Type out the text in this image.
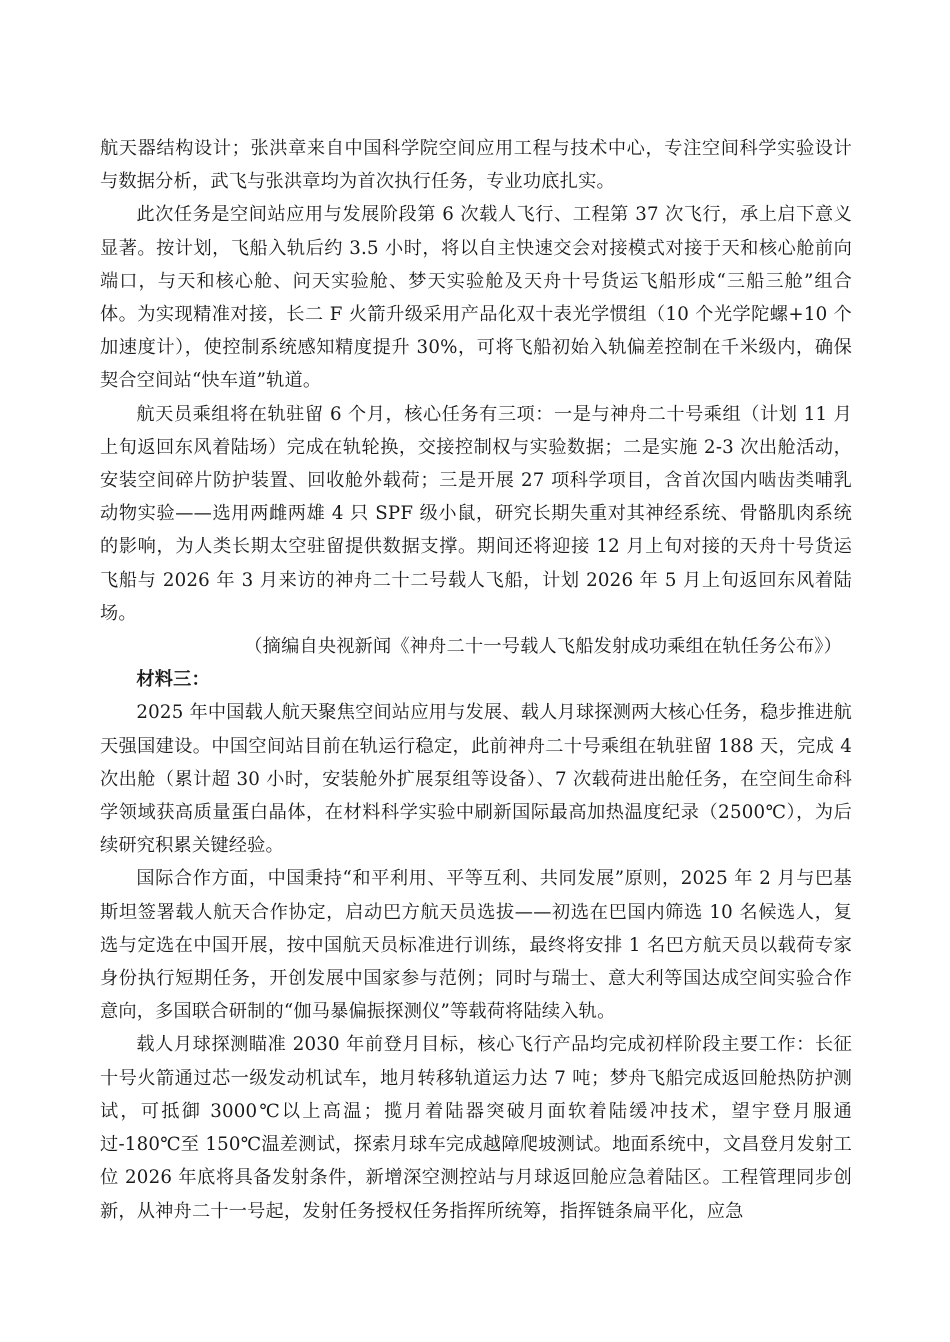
航天器结构设计；张洪章来自中国科学院空间应用工程与技术中心，专注空间科学实验设计与数据分析，武飞与张洪章均为首次执行任务，专业功底扎实。

此次任务是空间站应用与发展阶段第 6 次载人飞行、工程第 37 次飞行，承上启下意义显著。按计划，飞船入轨后约 3.5 小时，将以自主快速交会对接模式对接于天和核心舱前向端口，与天和核心舱、问天实验舱、梦天实验舱及天舟十号货运飞船形成“三船三舱”组合体。为实现精准对接，长二 F 火箭升级采用产品化双十表光学惯组（10 个光学陀螺+10 个加速度计），使控制系统感知精度提升 30%，可将飞船初始入轨偏差控制在千米级内，确保契合空间站“快车道”轨道。

航天员乘组将在轨驻留 6 个月，核心任务有三项：一是与神舟二十号乘组（计划 11 月上旬返回东风着陆场）完成在轨轮换，交接控制权与实验数据；二是实施 2-3 次出舱活动，安装空间碎片防护装置、回收舱外载荷；三是开展 27 项科学项目，含首次国内啮齿类哺乳动物实验——选用两雌两雄 4 只 SPF 级小鼠，研究长期失重对其神经系统、骨骼肌肉系统的影响，为人类长期太空驻留提供数据支撑。期间还将迎接 12 月上旬对接的天舟十号货运飞船与 2026 年 3 月来访的神舟二十二号载人飞船，计划 2026 年 5 月上旬返回东风着陆场。

（摘编自央视新闻《神舟二十一号载人飞船发射成功乘组在轨任务公布》）

材料三：

2025 年中国载人航天聚焦空间站应用与发展、载人月球探测两大核心任务，稳步推进航天强国建设。中国空间站目前在轨运行稳定，此前神舟二十号乘组在轨驻留 188 天，完成 4 次出舱（累计超 30 小时，安装舱外扩展泵组等设备）、7 次载荷进出舱任务，在空间生命科学领域获高质量蛋白晶体，在材料科学实验中刷新国际最高加热温度纪录（2500℃），为后续研究积累关键经验。

国际合作方面，中国秉持“和平利用、平等互利、共同发展”原则，2025 年 2 月与巴基斯坦签署载人航天合作协定，启动巴方航天员选拔——初选在巴国内筛选 10 名候选人，复选与定选在中国开展，按中国航天员标准进行训练，最终将安排 1 名巴方航天员以载荷专家身份执行短期任务，开创发展中国家参与范例；同时与瑞士、意大利等国达成空间实验合作意向，多国联合研制的“伽马暴偏振探测仪”等载荷将陆续入轨。

载人月球探测瞄准 2030 年前登月目标，核心飞行产品均完成初样阶段主要工作：长征十号火箭通过芯一级发动机试车，地月转移轨道运力达 7 吨；梦舟飞船完成返回舱热防护测试，可抵御 3000℃以上高温；揽月着陆器突破月面软着陆缓冲技术，望宇登月服通过-180℃至 150℃温差测试，探索月球车完成越障爬坡测试。地面系统中，文昌登月发射工位 2026 年底将具备发射条件，新增深空测控站与月球返回舱应急着陆区。工程管理同步创新，从神舟二十一号起，发射任务授权任务指挥所统筹，指挥链条扁平化，应急
